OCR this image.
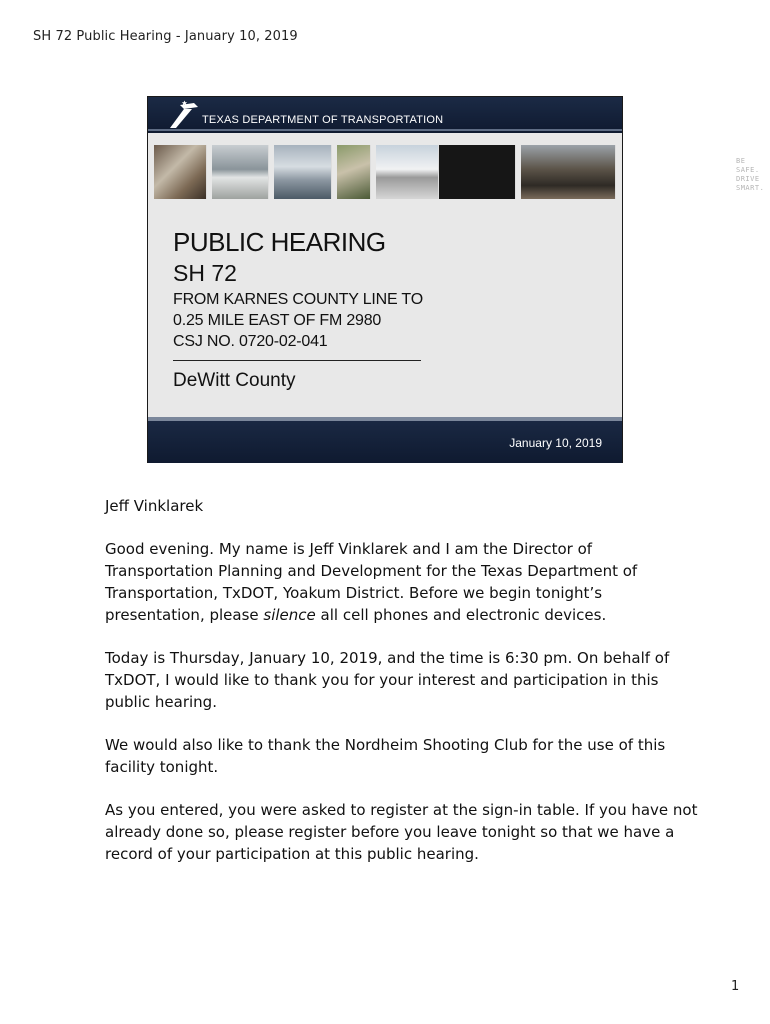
SH 72 Public Hearing - January 10, 2019
TEXAS DEPARTMENT OF TRANSPORTATION
BE SAFE.
DRIVE SMART.
PUBLIC HEARING
SH 72
FROM KARNES COUNTY LINE TO
0.25 MILE EAST OF FM 2980
CSJ NO. 0720-02-041
DeWitt County
January 10, 2019

Jeff Vinklarek

Good evening. My name is Jeff Vinklarek and I am the Director of Transportation Planning and Development for the Texas Department of Transportation, TxDOT, Yoakum District. Before we begin tonight’s presentation, please silence all cell phones and electronic devices.

Today is Thursday, January 10, 2019, and the time is 6:30 pm. On behalf of TxDOT, I would like to thank you for your interest and participation in this public hearing.

We would also like to thank the Nordheim Shooting Club for the use of this facility tonight.

As you entered, you were asked to register at the sign-in table. If you have not already done so, please register before you leave tonight so that we have a record of your participation at this public hearing.

1
